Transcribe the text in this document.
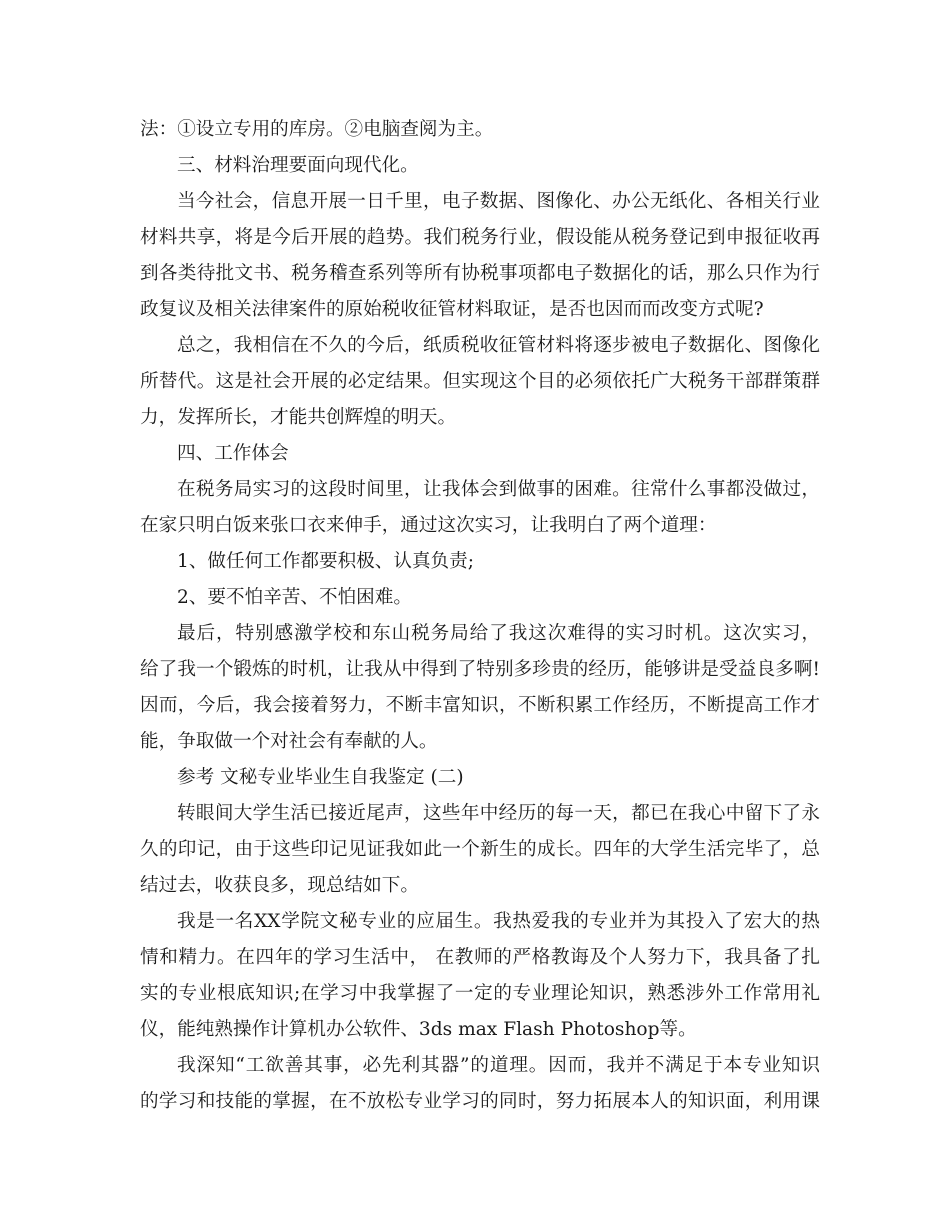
法：①设立专用的库房。②电脑查阅为主。
三、材料治理要面向现代化。
当今社会，信息开展一日千里，电子数据、图像化、办公无纸化、各相关行业
材料共享，将是今后开展的趋势。我们税务行业，假设能从税务登记到申报征收再
到各类待批文书、税务稽查系列等所有协税事项都电子数据化的话，那么只作为行
政复议及相关法律案件的原始税收征管材料取证，是否也因而而改变方式呢?
总之，我相信在不久的今后，纸质税收征管材料将逐步被电子数据化、图像化
所替代。这是社会开展的必定结果。但实现这个目的必须依托广大税务干部群策群
力，发挥所长，才能共创辉煌的明天。
四、工作体会
在税务局实习的这段时间里，让我体会到做事的困难。往常什么事都没做过，
在家只明白饭来张口衣来伸手，通过这次实习，让我明白了两个道理：
1、做任何工作都要积极、认真负责;
2、要不怕辛苦、不怕困难。
最后，特别感激学校和东山税务局给了我这次难得的实习时机。这次实习，
给了我一个锻炼的时机，让我从中得到了特别多珍贵的经历，能够讲是受益良多啊!
因而，今后，我会接着努力，不断丰富知识，不断积累工作经历，不断提高工作才
能，争取做一个对社会有奉献的人。
参考 文秘专业毕业生自我鉴定 (二)
转眼间大学生活已接近尾声，这些年中经历的每一天，都已在我心中留下了永
久的印记，由于这些印记见证我如此一个新生的成长。四年的大学生活完毕了，总
结过去，收获良多，现总结如下。
我是一名XX学院文秘专业的应届生。我热爱我的专业并为其投入了宏大的热
情和精力。在四年的学习生活中， 在教师的严格教诲及个人努力下，我具备了扎
实的专业根底知识;在学习中我掌握了一定的专业理论知识，熟悉涉外工作常用礼
仪，能纯熟操作计算机办公软件、3ds max Flash Photoshop等。
我深知“工欲善其事，必先利其器”的道理。因而，我并不满足于本专业知识
的学习和技能的掌握，在不放松专业学习的同时，努力拓展本人的知识面，利用课
